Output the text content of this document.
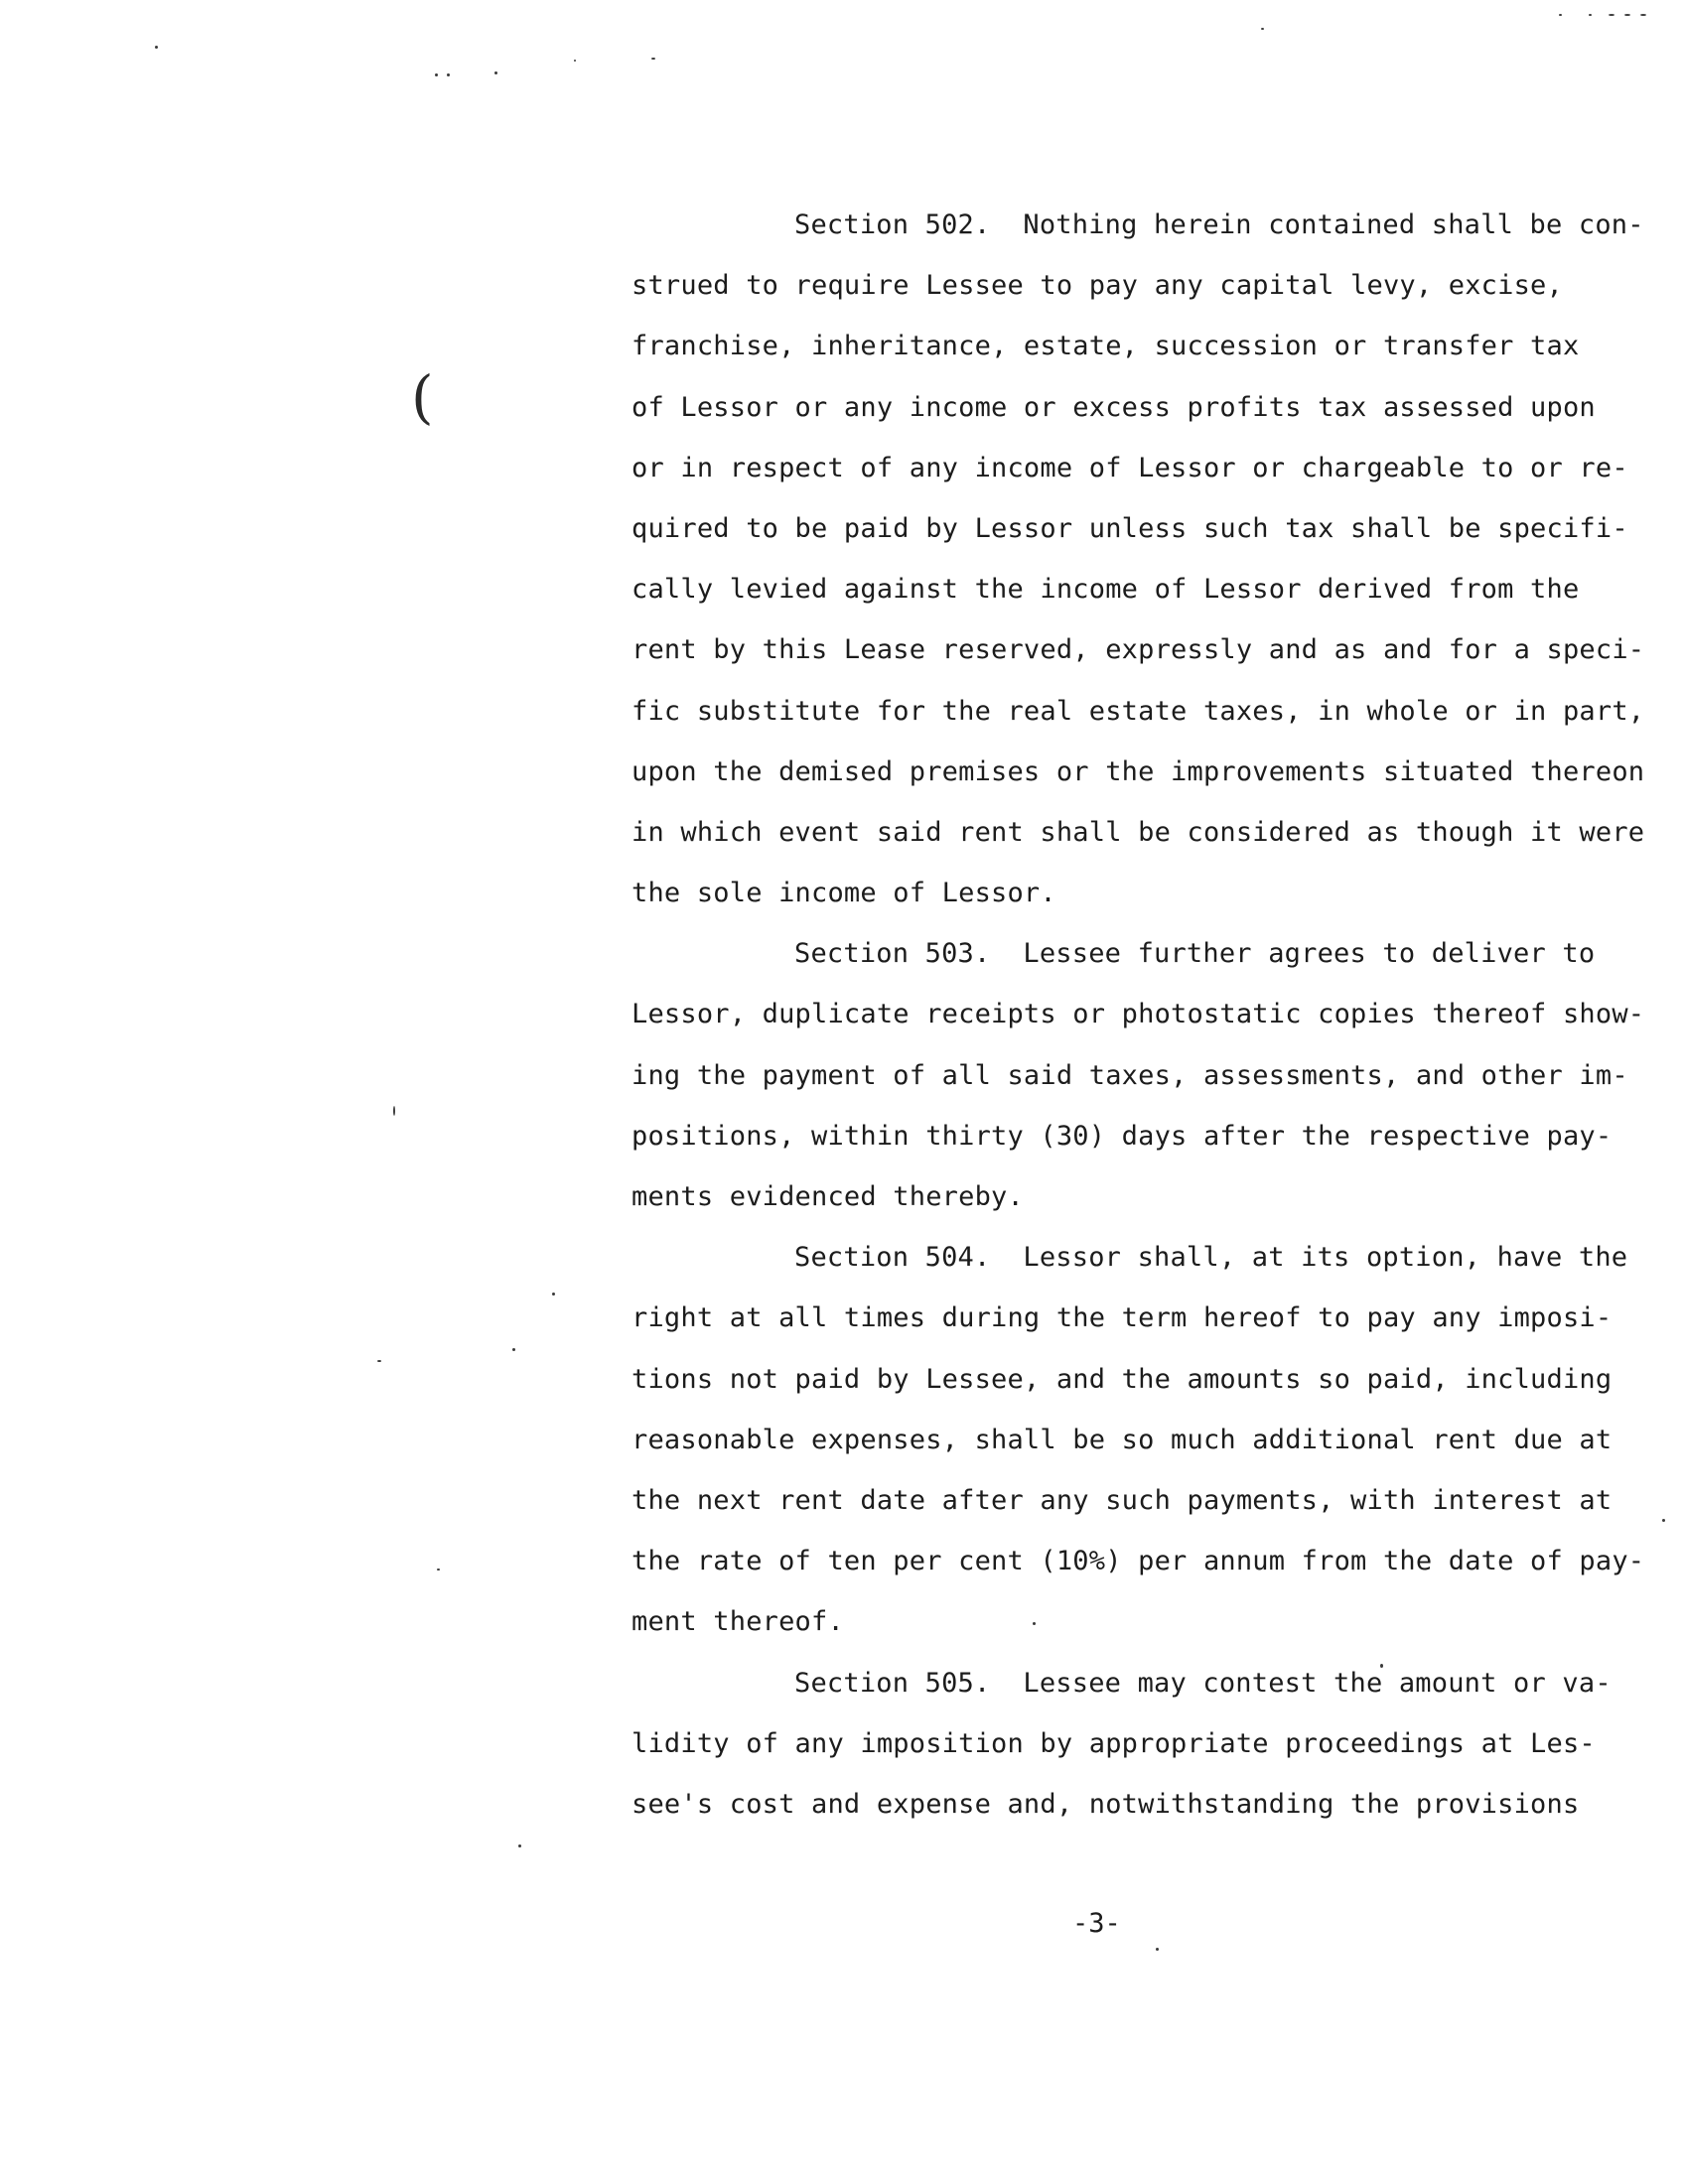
(
Section 502.  Nothing herein contained shall be con-
strued to require Lessee to pay any capital levy, excise,
franchise, inheritance, estate, succession or transfer tax
of Lessor or any income or excess profits tax assessed upon
or in respect of any income of Lessor or chargeable to or re-
quired to be paid by Lessor unless such tax shall be specifi-
cally levied against the income of Lessor derived from the
rent by this Lease reserved, expressly and as and for a speci-
fic substitute for the real estate taxes, in whole or in part,
upon the demised premises or the improvements situated thereon
in which event said rent shall be considered as though it were
the sole income of Lessor.
Section 503.  Lessee further agrees to deliver to
Lessor, duplicate receipts or photostatic copies thereof show-
ing the payment of all said taxes, assessments, and other im-
positions, within thirty (30) days after the respective pay-
ments evidenced thereby.
Section 504.  Lessor shall, at its option, have the
right at all times during the term hereof to pay any imposi-
tions not paid by Lessee, and the amounts so paid, including
reasonable expenses, shall be so much additional rent due at
the next rent date after any such payments, with interest at
the rate of ten per cent (10%) per annum from the date of pay-
ment thereof.
Section 505.  Lessee may contest the amount or va-
lidity of any imposition by appropriate proceedings at Les-
see's cost and expense and, notwithstanding the provisions
-3-
